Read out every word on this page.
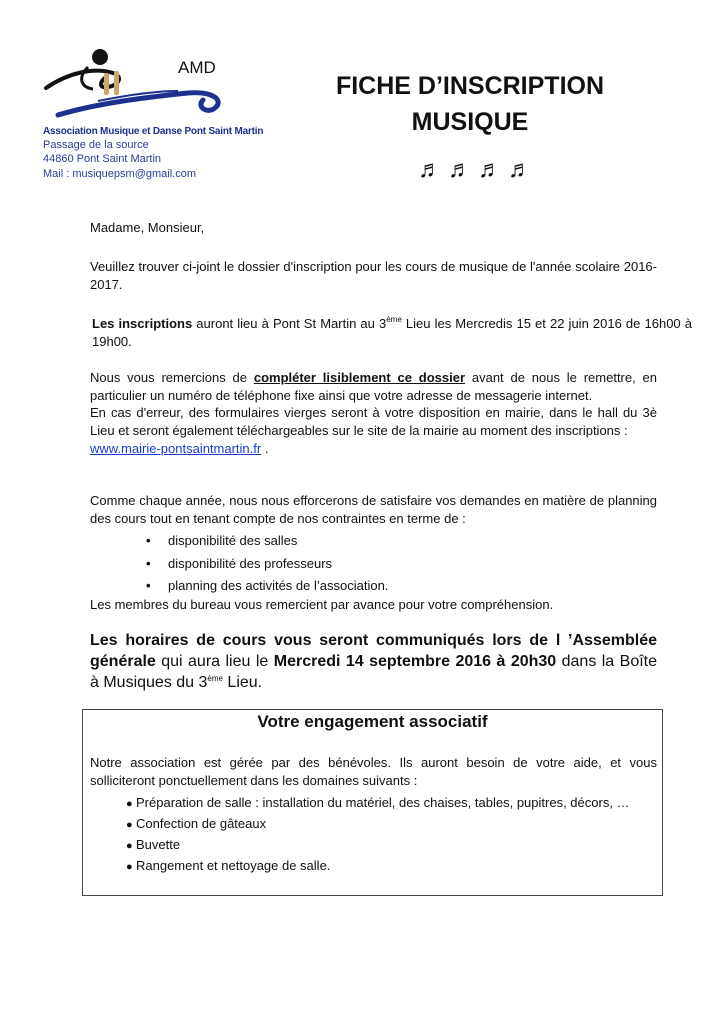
AMD
Association Musique et Danse Pont Saint Martin
Passage de la source
44860 Pont Saint Martin
Mail : musiquepsm@gmail.com
FICHE D’INSCRIPTION
MUSIQUE
♬♬♬♬
Madame, Monsieur,
Veuillez trouver ci-joint le dossier d'inscription pour les cours de musique de l'année scolaire 2016-2017.
Les inscriptions auront lieu à Pont St Martin au 3ème Lieu les Mercredis 15 et 22 juin 2016 de 16h00 à 19h00.
Nous vous remercions de compléter lisiblement ce dossier avant de nous le remettre, en particulier un numéro de téléphone fixe ainsi que votre adresse de messagerie internet.
En cas d'erreur, des formulaires vierges seront à votre disposition en mairie, dans le hall du 3è Lieu et seront également téléchargeables sur le site de la mairie au moment des inscriptions :
www.mairie-pontsaintmartin.fr .
Comme chaque année, nous nous efforcerons de satisfaire vos demandes en matière de planning des cours tout en tenant compte de nos contraintes en terme de :
• disponibilité des salles
• disponibilité des professeurs
• planning des activités de l’association.
Les membres du bureau vous remercient par avance pour votre compréhension.
Les horaires de cours vous seront communiqués lors de l ’Assemblée générale qui aura lieu le Mercredi 14 septembre 2016 à 20h30 dans la Boîte à Musiques du 3ème Lieu.
Votre engagement associatif
Notre association est gérée par des bénévoles. Ils auront besoin de votre aide, et vous solliciteront ponctuellement dans les domaines suivants :
● Préparation de salle : installation du matériel, des chaises, tables, pupitres, décors, …
● Confection de gâteaux
● Buvette
● Rangement et nettoyage de salle.
